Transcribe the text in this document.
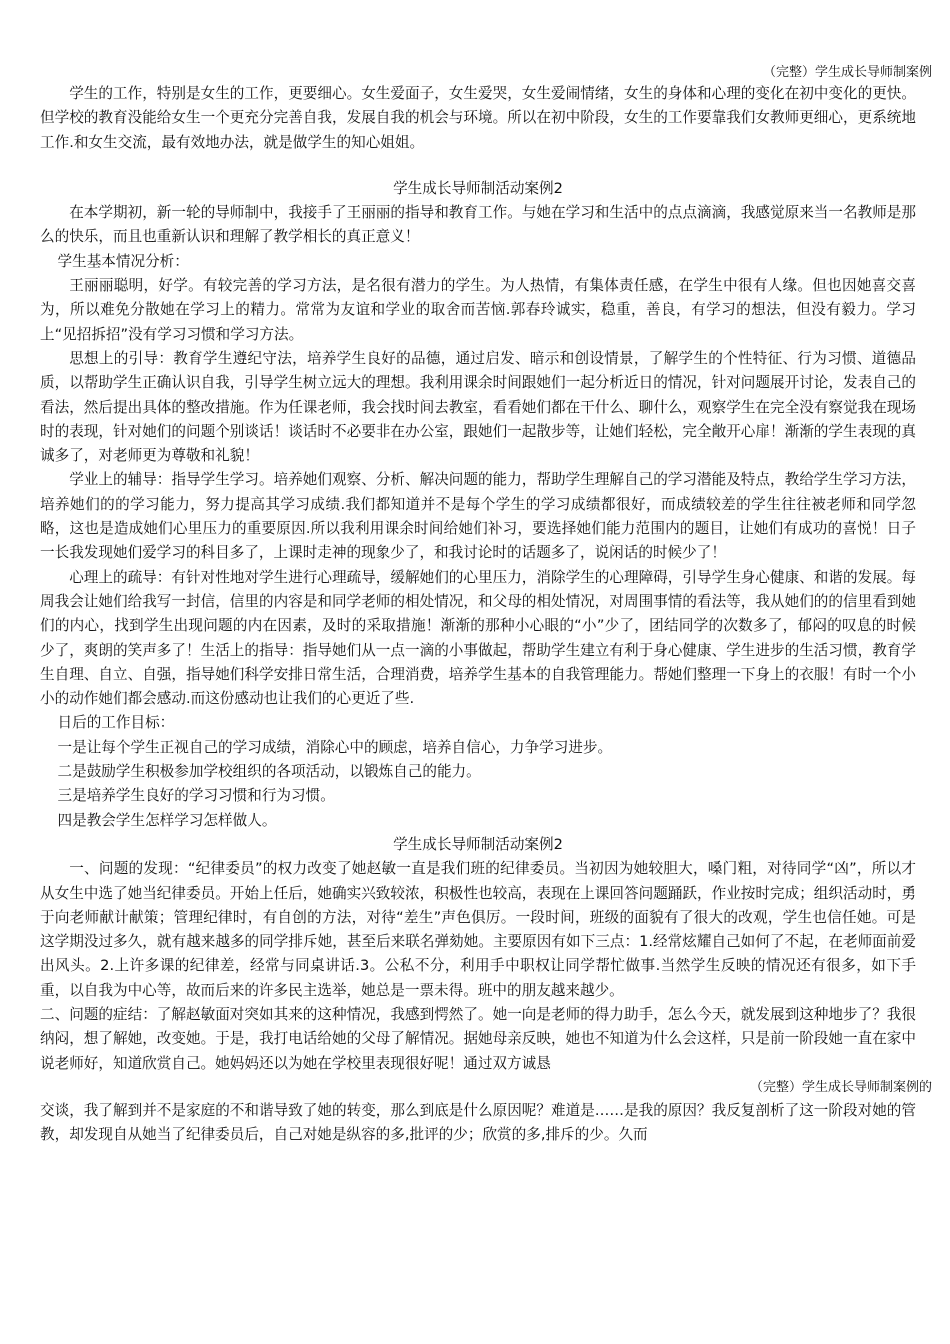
（完整）学生成长导师制案例

学生的工作，特别是女生的工作，更要细心。女生爱面子，女生爱哭，女生爱闹情绪，女生的身体和心理的变化在初中变化的更快。但学校的教育没能给女生一个更充分完善自我，发展自我的机会与环境。所以在初中阶段，女生的工作要靠我们女教师更细心，更系统地工作.和女生交流，最有效地办法，就是做学生的知心姐姐。

学生成长导师制活动案例2

在本学期初，新一轮的导师制中，我接手了王丽丽的指导和教育工作。与她在学习和生活中的点点滴滴，我感觉原来当一名教师是那么的快乐，而且也重新认识和理解了教学相长的真正意义！

学生基本情况分析：

王丽丽聪明，好学。有较完善的学习方法，是名很有潜力的学生。为人热情，有集体责任感，在学生中很有人缘。但也因她喜交喜为，所以难免分散她在学习上的精力。常常为友谊和学业的取舍而苦恼.郭春玲诚实，稳重，善良，有学习的想法，但没有毅力。学习上“见招拆招”没有学习习惯和学习方法。

思想上的引导：教育学生遵纪守法，培养学生良好的品德，通过启发、暗示和创设情景，了解学生的个性特征、行为习惯、道德品质，以帮助学生正确认识自我，引导学生树立远大的理想。我利用课余时间跟她们一起分析近日的情况，针对问题展开讨论，发表自己的看法，然后提出具体的整改措施。作为任课老师，我会找时间去教室，看看她们都在干什么、聊什么，观察学生在完全没有察觉我在现场时的表现，针对她们的问题个别谈话！谈话时不必要非在办公室，跟她们一起散步等，让她们轻松，完全敞开心扉！渐渐的学生表现的真诚多了，对老师更为尊敬和礼貌！

学业上的辅导：指导学生学习。培养她们观察、分析、解决问题的能力，帮助学生理解自己的学习潜能及特点，教给学生学习方法，培养她们的的学习能力，努力提高其学习成绩.我们都知道并不是每个学生的学习成绩都很好，而成绩较差的学生往往被老师和同学忽略，这也是造成她们心里压力的重要原因.所以我利用课余时间给她们补习，要选择她们能力范围内的题目，让她们有成功的喜悦！日子一长我发现她们爱学习的科目多了，上课时走神的现象少了，和我讨论时的话题多了，说闲话的时候少了！

心理上的疏导：有针对性地对学生进行心理疏导，缓解她们的心里压力，消除学生的心理障碍，引导学生身心健康、和谐的发展。每周我会让她们给我写一封信，信里的内容是和同学老师的相处情况，和父母的相处情况，对周围事情的看法等，我从她们的的信里看到她们的内心，找到学生出现问题的内在因素，及时的采取措施！渐渐的那种小心眼的“小”少了，团结同学的次数多了，郁闷的叹息的时候少了，爽朗的笑声多了！生活上的指导：指导她们从一点一滴的小事做起，帮助学生建立有利于身心健康、学生进步的生活习惯，教育学生自理、自立、自强，指导她们科学安排日常生活，合理消费，培养学生基本的自我管理能力。帮她们整理一下身上的衣服！有时一个小小的动作她们都会感动.而这份感动也让我们的心更近了些.

日后的工作目标：

一是让每个学生正视自己的学习成绩，消除心中的顾虑，培养自信心，力争学习进步。

二是鼓励学生积极参加学校组织的各项活动，以锻炼自己的能力。

三是培养学生良好的学习习惯和行为习惯。

四是教会学生怎样学习怎样做人。

学生成长导师制活动案例2

一、问题的发现：“纪律委员”的权力改变了她赵敏一直是我们班的纪律委员。当初因为她较胆大，嗓门粗，对待同学“凶”，所以才从女生中选了她当纪律委员。开始上任后，她确实兴致较浓，积极性也较高，表现在上课回答问题踊跃，作业按时完成；组织活动时，勇于向老师献计献策；管理纪律时，有自创的方法，对待“差生”声色俱厉。一段时间，班级的面貌有了很大的改观，学生也信任她。可是这学期没过多久，就有越来越多的同学排斥她，甚至后来联名弹劾她。主要原因有如下三点：1.经常炫耀自己如何了不起，在老师面前爱出风头。2.上许多课的纪律差，经常与同桌讲话.3。公私不分，利用手中职权让同学帮忙做事.当然学生反映的情况还有很多，如下手重，以自我为中心等，故而后来的许多民主选举，她总是一票未得。班中的朋友越来越少。

二、问题的症结：了解赵敏面对突如其来的这种情况，我感到愕然了。她一向是老师的得力助手，怎么今天，就发展到这种地步了？我很纳闷，想了解她，改变她。于是，我打电话给她的父母了解情况。据她母亲反映，她也不知道为什么会这样，只是前一阶段她一直在家中说老师好，知道欣赏自己。她妈妈还以为她在学校里表现很好呢！通过双方诚恳

（完整）学生成长导师制案例的

交谈，我了解到并不是家庭的不和谐导致了她的转变，那么到底是什么原因呢？难道是……是我的原因？我反复剖析了这一阶段对她的管教，却发现自从她当了纪律委员后，自己对她是纵容的多,批评的少；欣赏的多,排斥的少。久而
